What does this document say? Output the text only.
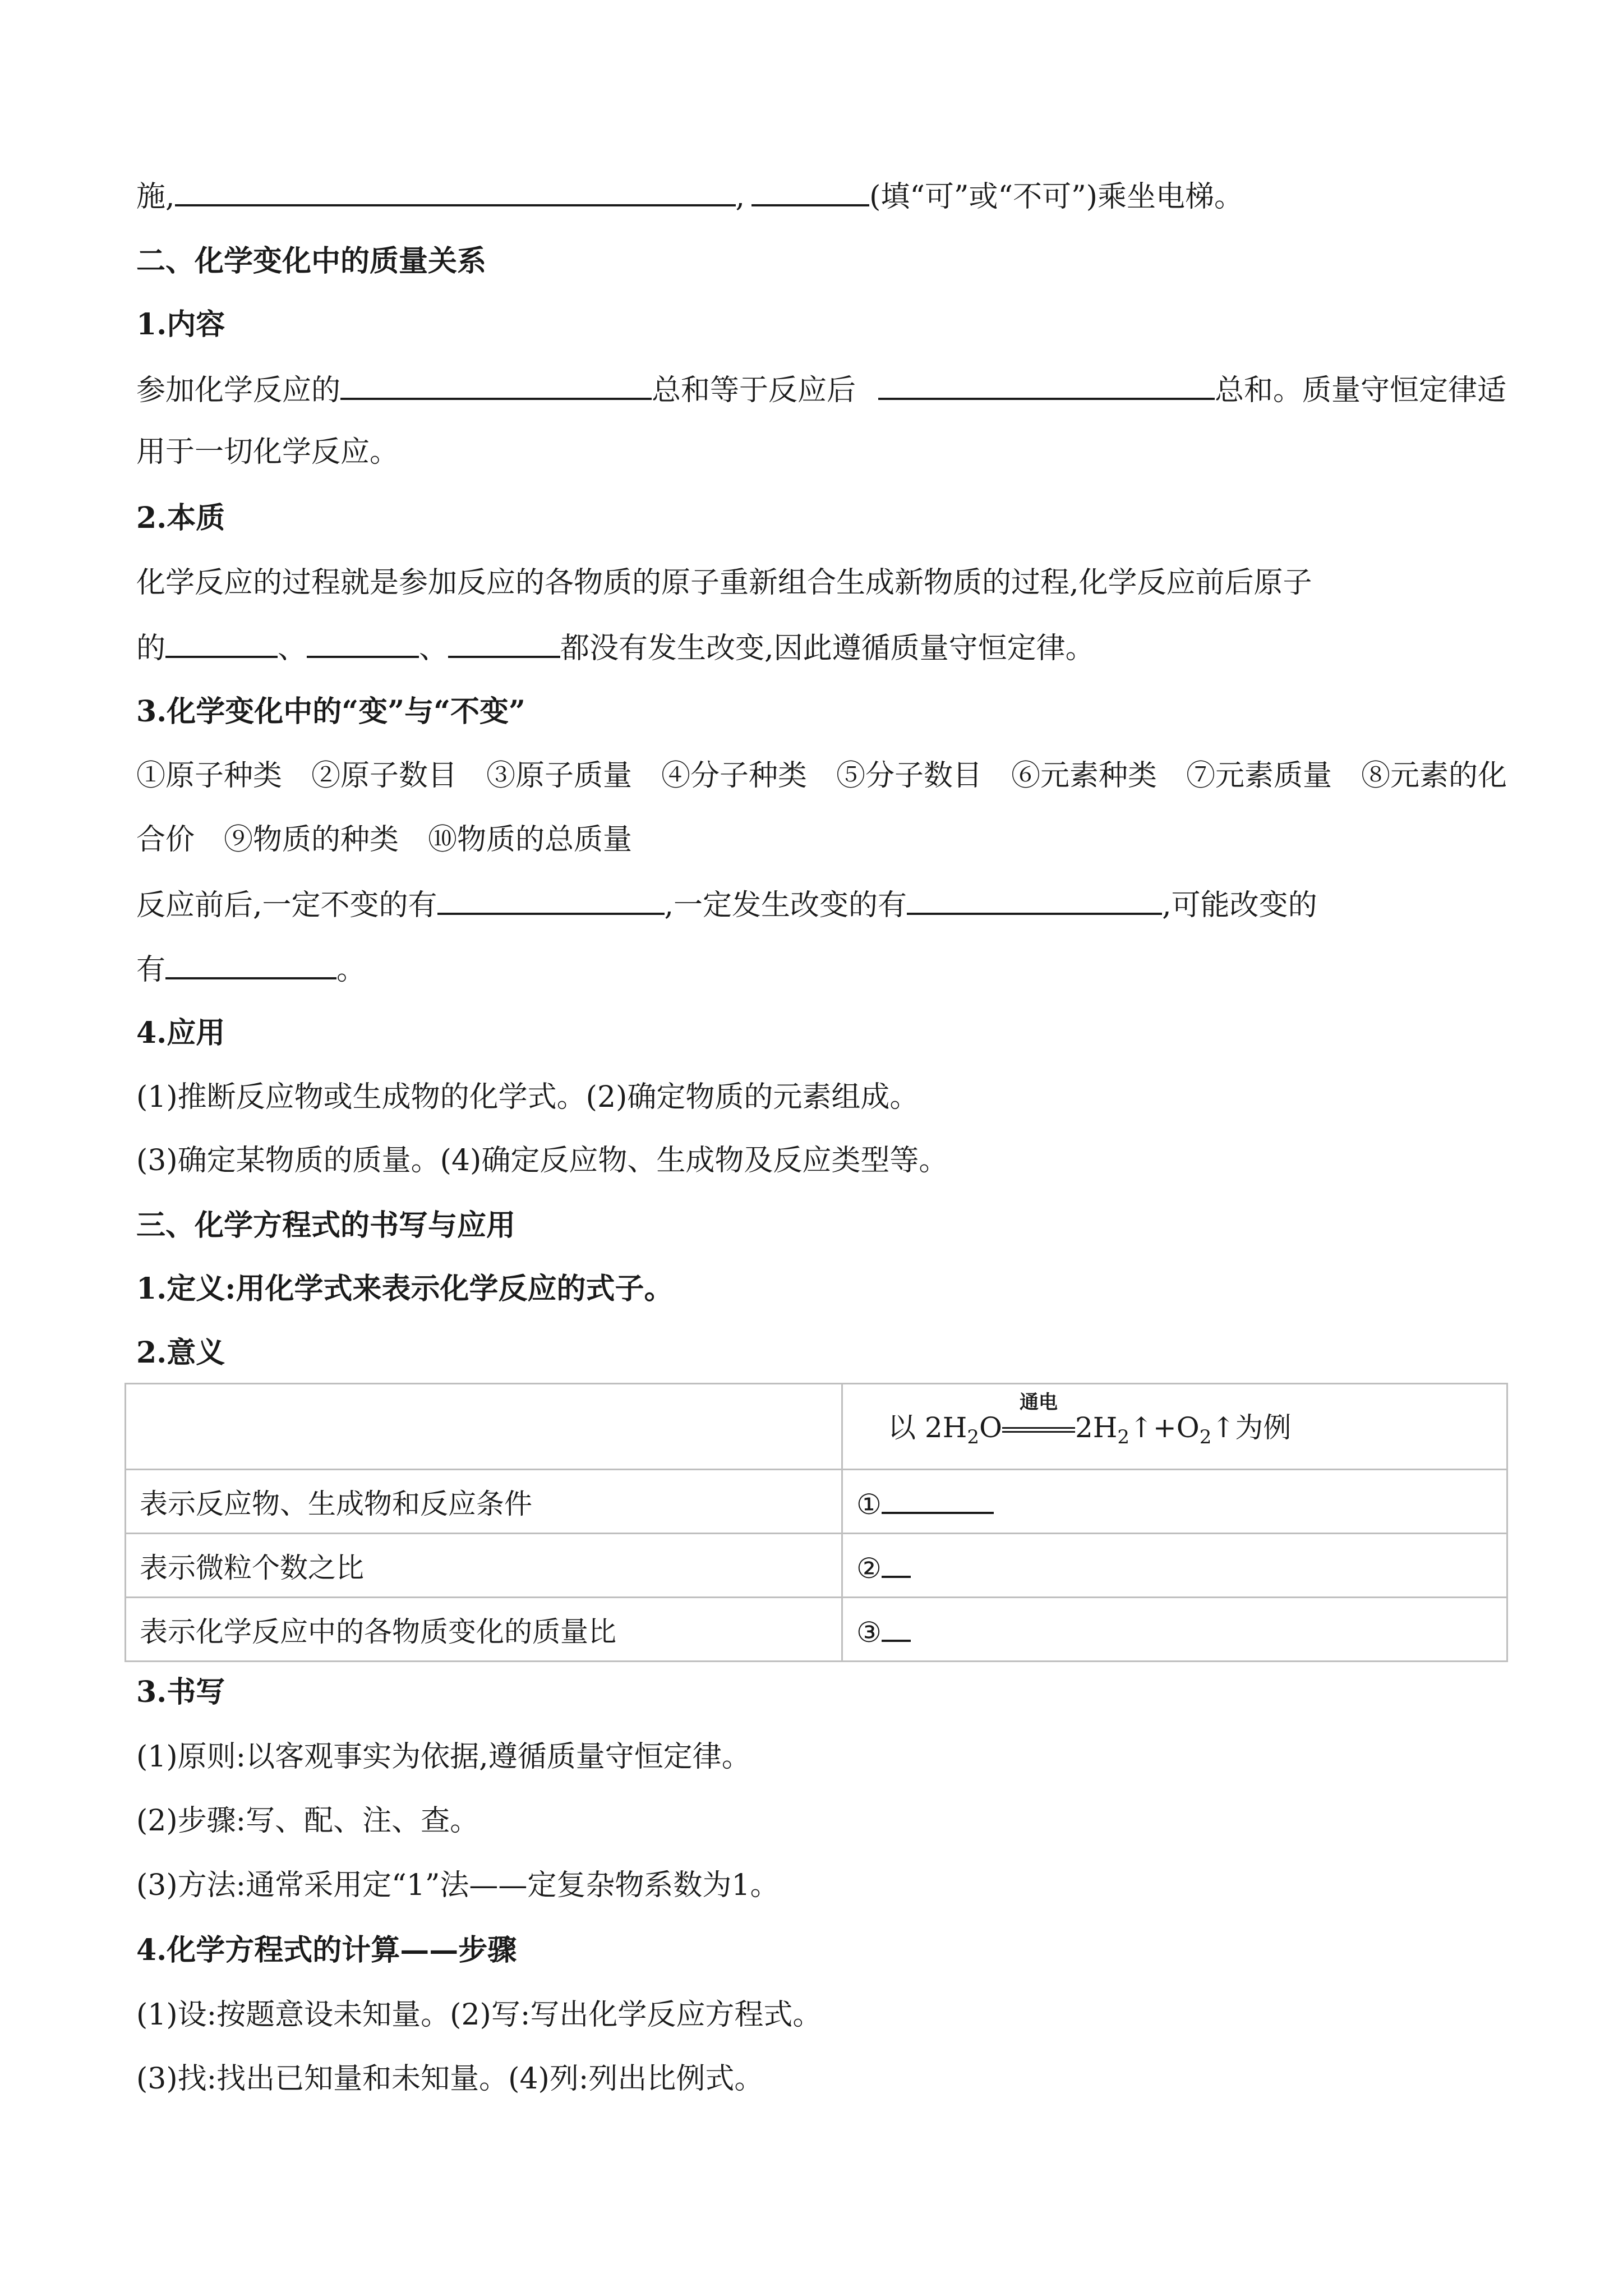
施,	,	(填“可”或“不可”)乘坐电梯。
二、化学变化中的质量关系
1.内容
参加化学反应的	总和等于反应后	总和。质量守恒定律适
用于一切化学反应。
2.本质
化学反应的过程就是参加反应的各物质的原子重新组合生成新物质的过程,化学反应前后原子
的	、	、	都没有发生改变,因此遵循质量守恒定律。
3.化学变化中的“变”与“不变”
①原子种类　②原子数目　③原子质量　④分子种类　⑤分子数目　⑥元素种类　⑦元素质量　⑧元素的化
合价　⑨物质的种类　⑩物质的总质量
反应前后,一定不变的有	,一定发生改变的有	,可能改变的
有	。
4.应用
(1)推断反应物或生成物的化学式。(2)确定物质的元素组成。
(3)确定某物质的质量。(4)确定反应物、生成物及反应类型等。
三、化学方程式的书写与应用
1.定义:用化学式来表示化学反应的式子。
2.意义
	以 $2H_2O$
通电
$2H_2↑+O_2↑$为例
表示反应物、生成物和反应条件	①
表示微粒个数之比	②
表示化学反应中的各物质变化的质量比	③
3.书写
(1)原则:以客观事实为依据,遵循质量守恒定律。
(2)步骤:写、配、注、查。
(3)方法:通常采用定“1”法——定复杂物系数为1。
4.化学方程式的计算——步骤
(1)设:按题意设未知量。(2)写:写出化学反应方程式。
(3)找:找出已知量和未知量。(4)列:列出比例式。
